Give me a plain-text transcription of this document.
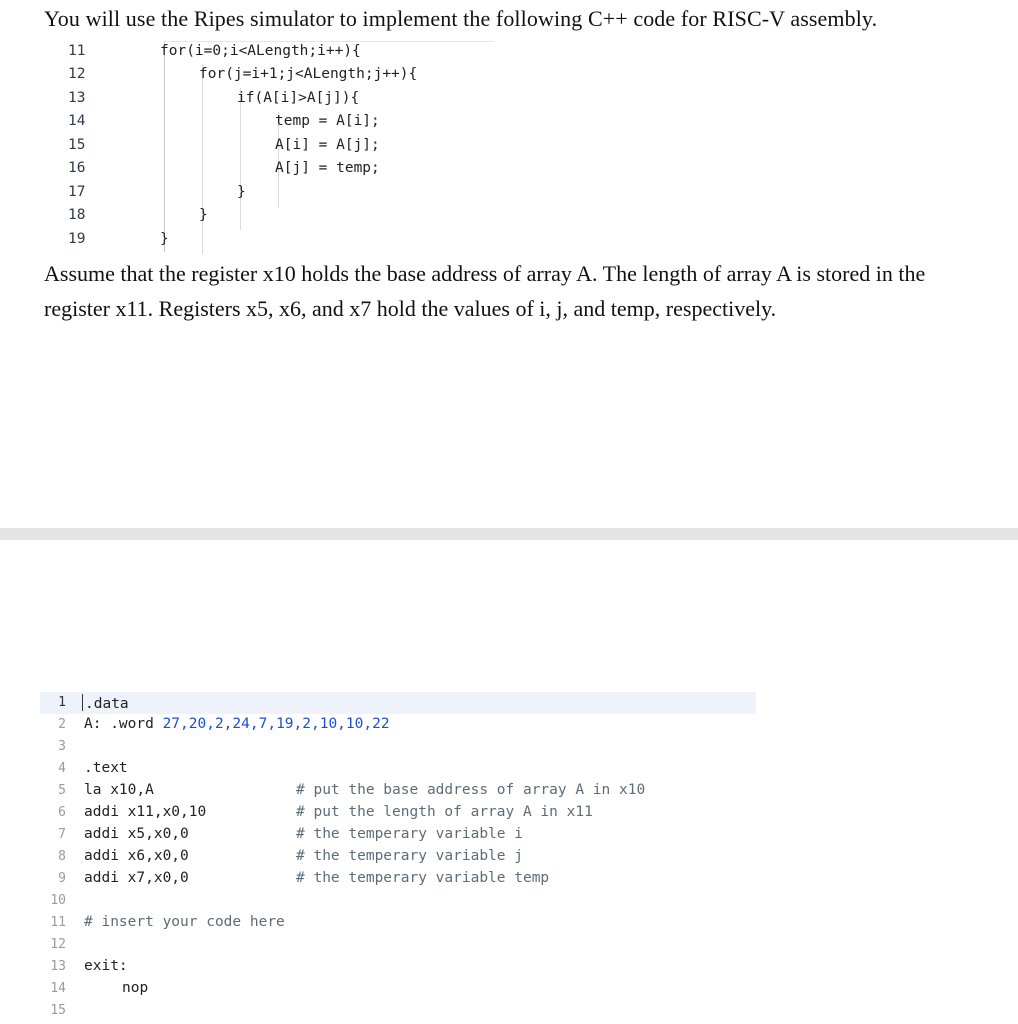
You will use the Ripes simulator to implement the following C++ code for RISC-V assembly.
11
12
13
14
15
16
17
18
19
for(i=0;i<ALength;i++){
for(j=i+1;j<ALength;j++){
if(A[i]>A[j]){
temp = A[i];
A[i] = A[j];
A[j] = temp;
}
}
}
Assume that the register x10 holds the base address of array A. The length of array A is stored in the register x11. Registers x5, x6, and x7 hold the values of i, j, and temp, respectively.
1 .data
2 A: .word 27,20,2,24,7,19,2,10,10,22
3
4 .text
5 la x10,A	# put the base address of array A in x10
6 addi x11,x0,10	# put the length of array A in x11
7 addi x5,x0,0	# the temperary variable i
8 addi x6,x0,0	# the temperary variable j
9 addi x7,x0,0	# the temperary variable temp
10
11 # insert your code here
12
13 exit:
14	nop
15
